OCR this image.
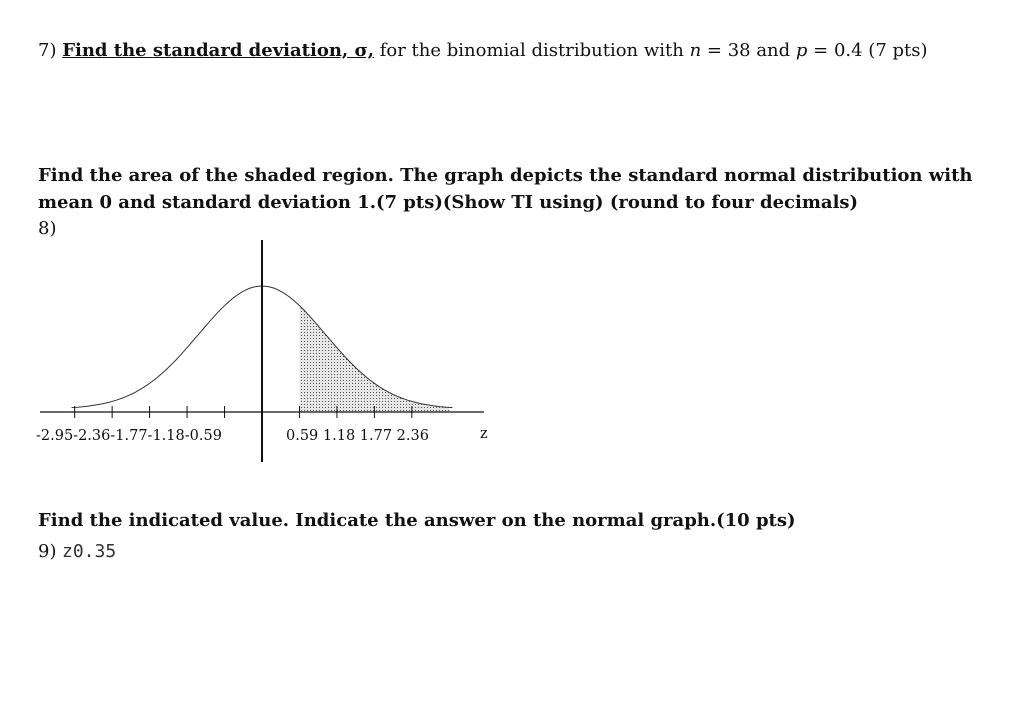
7) Find the standard deviation, σ, for the binomial distribution with n = 38 and p = 0.4 (7 pts)
Find the area of the shaded region. The graph depicts the standard normal distribution with mean 0 and standard deviation 1.(7 pts)(Show TI using) (round to four decimals)
8)
-2.95-2.36-1.77-1.18-0.59	0.59 1.18 1.77 2.36	z
Find the indicated value. Indicate the answer on the normal graph.(10 pts)
9) z0.35
